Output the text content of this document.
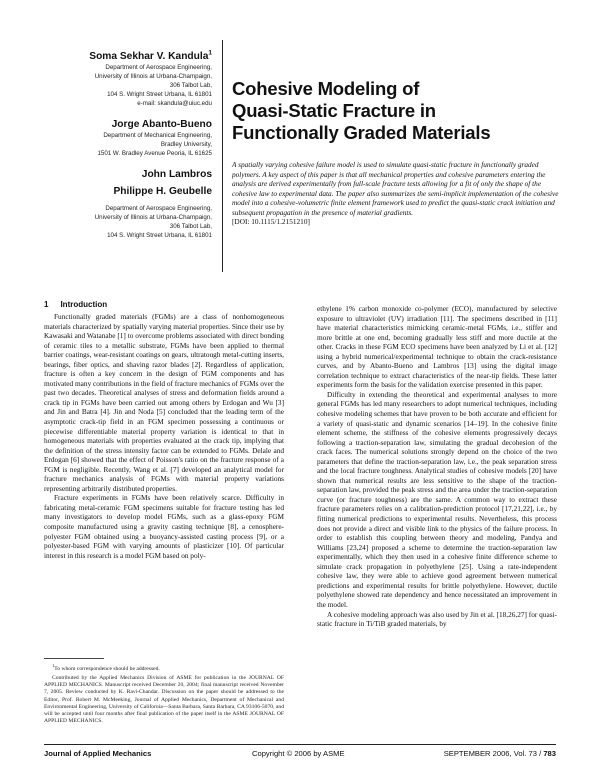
Soma Sekhar V. Kandula$^1$
Department of Aerospace Engineering,
University of Illinois at Urbana-Champaign,
306 Talbot Lab,
104 S. Wright Street Urbana, IL 61801
e-mail: skandula@uiuc.edu
Jorge Abanto-Bueno
Department of Mechanical Engineering,
Bradley University,
1501 W. Bradley Avenue Peoria, IL 61625
John Lambros
Philippe H. Geubelle
Department of Aerospace Engineering,
University of Illinois at Urbana-Champaign,
306 Talbot Lab,
104 S. Wright Street Urbana, IL 61801
Cohesive Modeling of
Quasi-Static Fracture in
Functionally Graded Materials
A spatially varying cohesive failure model is used to simulate quasi-static fracture in functionally graded polymers. A key aspect of this paper is that all mechanical properties and cohesive parameters entering the analysis are derived experimentally from full-scale fracture tests allowing for a fit of only the shape of the cohesive law to experimental data. The paper also summarizes the semi-implicit implementation of the cohesive model into a cohesive-volumetric finite element framework used to predict the quasi-static crack initiation and subsequent propagation in the presence of material gradients.
[DOI: 10.1115/1.2151210]
1 Introduction

Functionally graded materials (FGMs) are a class of nonhomogeneous materials characterized by spatially varying material properties. Since their use by Kawasaki and Watanabe [1] to overcome problems associated with direct bonding of ceramic tiles to a metallic substrate, FGMs have been applied to thermal barrier coatings, wear-resistant coatings on gears, ultratough metal-cutting inserts, bearings, fiber optics, and shaving razor blades [2]. Regardless of application, fracture is often a key concern in the design of FGM components and has motivated many contributions in the field of fracture mechanics of FGMs over the past two decades. Theoretical analyses of stress and deformation fields around a crack tip in FGMs have been carried out among others by Erdogan and Wu [3] and Jin and Batra [4]. Jin and Noda [5] concluded that the leading term of the asymptotic crack-tip field in an FGM specimen possessing a continuous or piecewise differentiable material property variation is identical to that in homogeneous materials with properties evaluated at the crack tip, implying that the definition of the stress intensity factor can be extended to FGMs. Delale and Erdogan [6] showed that the effect of Poisson's ratio on the fracture response of a FGM is negligible. Recently, Wang et al. [7] developed an analytical model for fracture mechanics analysis of FGMs with material property variations representing arbitrarily distributed properties.

Fracture experiments in FGMs have been relatively scarce. Difficulty in fabricating metal-ceramic FGM specimens suitable for fracture testing has led many investigators to develop model FGMs, such as a glass-epoxy FGM composite manufactured using a gravity casting technique [8], a cenosphere-polyester FGM obtained using a buoyancy-assisted casting process [9], or a polyester-based FGM with varying amounts of plasticizer [10]. Of particular interest in this research is a model FGM based on poly-

ethylene 1% carbon monoxide co-polymer (ECO), manufactured by selective exposure to ultraviolet (UV) irradiation [11]. The specimens described in [11] have material characteristics mimicking ceramic-metal FGMs, i.e., stiffer and more brittle at one end, becoming gradually less stiff and more ductile at the other. Cracks in these FGM ECO specimens have been analyzed by Li et al. [12] using a hybrid numerical/experimental technique to obtain the crack-resistance curves, and by Abanto-Bueno and Lambros [13] using the digital image correlation technique to extract characteristics of the near-tip fields. These latter experiments form the basis for the validation exercise presented in this paper.

Difficulty in extending the theoretical and experimental analyses to more general FGMs has led many researchers to adopt numerical techniques, including cohesive modeling schemes that have proven to be both accurate and efficient for a variety of quasi-static and dynamic scenarios [14–19]. In the cohesive finite element scheme, the stiffness of the cohesive elements progressively decays following a traction-separation law, simulating the gradual decohesion of the crack faces. The numerical solutions strongly depend on the choice of the two parameters that define the traction-separation law, i.e., the peak separation stress and the local fracture toughness. Analytical studies of cohesive models [20] have shown that numerical results are less sensitive to the shape of the traction-separation law, provided the peak stress and the area under the traction-separation curve (or fracture toughness) are the same. A common way to extract these fracture parameters relies on a calibration-prediction protocol [17,21,22], i.e., by fitting numerical predictions to experimental results. Nevertheless, this process does not provide a direct and visible link to the physics of the failure process. In order to establish this coupling between theory and modeling, Pandya and Williams [23,24] proposed a scheme to determine the traction-separation law experimentally, which they then used in a cohesive finite difference scheme to simulate crack propagation in polyethylene [25]. Using a rate-independent cohesive law, they were able to achieve good agreement between numerical predictions and experimental results for brittle polyethylene. However, ductile polyethylene showed rate dependency and hence necessitated an improvement in the model.

A cohesive modeling approach was also used by Jin et al. [18,26,27] for quasi-static fracture in Ti/TiB graded materials, by

$^1$To whom correspondence should be addressed.

Contributed by the Applied Mechanics Division of ASME for publication in the JOURNAL OF APPLIED MECHANICS. Manuscript received December 20, 2004; final manuscript received November 7, 2005. Review conducted by K. Ravi-Chandar. Discussion on the paper should be addressed to the Editor, Prof. Robert M. McMeeking, Journal of Applied Mechanics, Department of Mechanical and Environmental Engineering, University of California—Santa Barbara, Santa Barbara, CA 93106-5070, and will be accepted until four months after final publication of the paper itself in the ASME JOURNAL OF APPLIED MECHANICS.

Journal of Applied Mechanics	Copyright © 2006 by ASME	SEPTEMBER 2006, Vol. 73 / 783
